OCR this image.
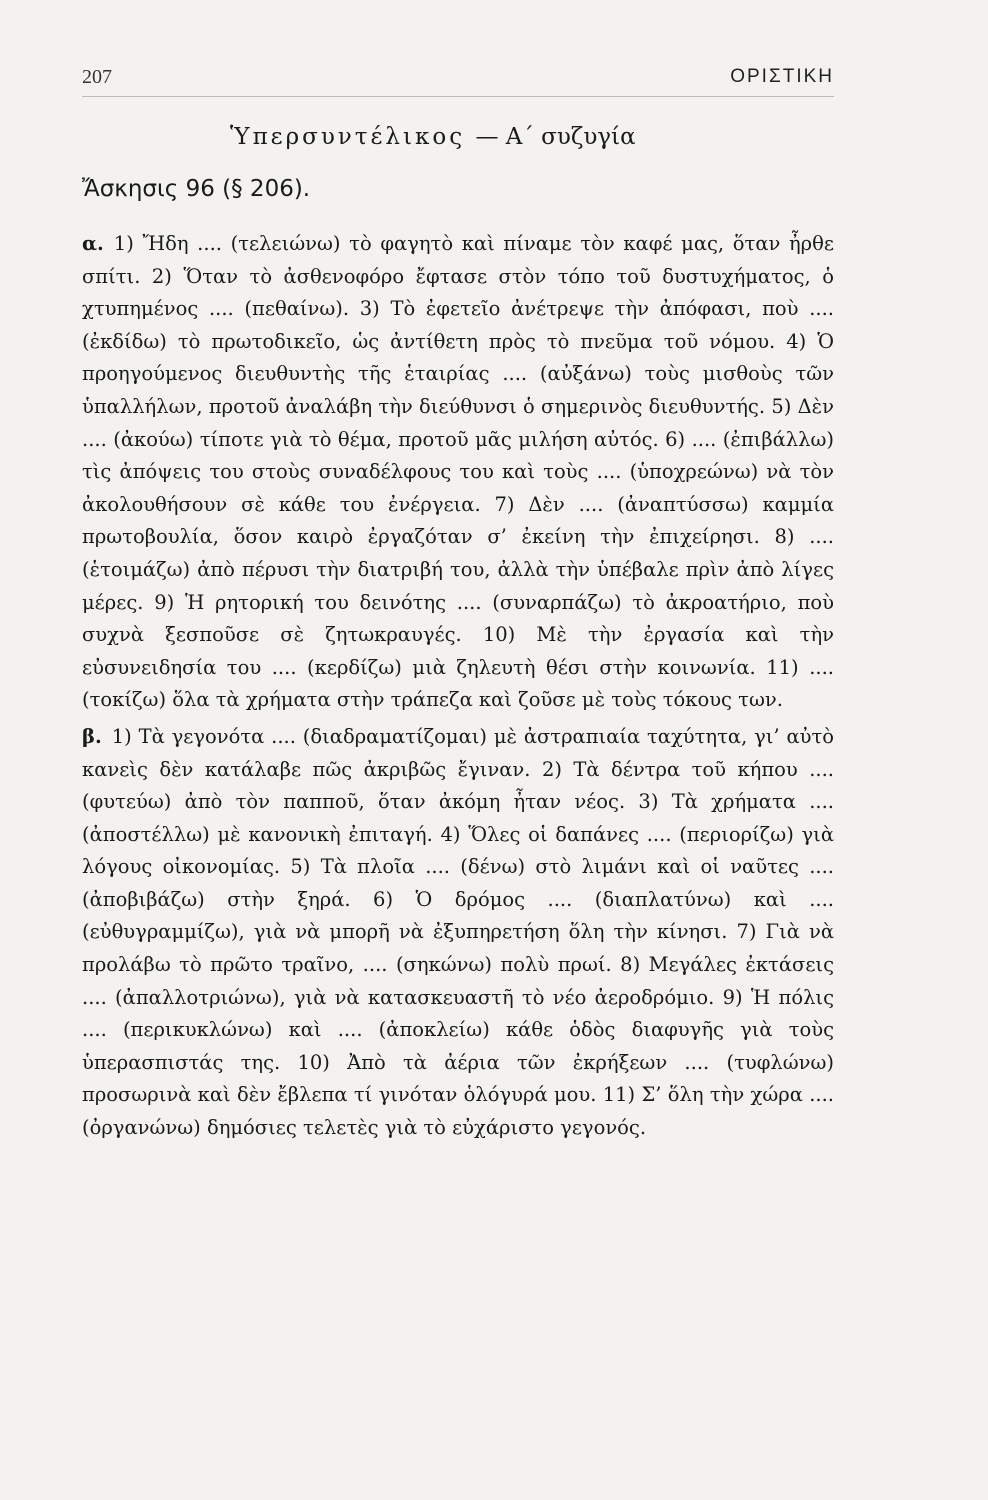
207	ΟΡΙΣΤΙΚΗ
Ὑπερσυντέλικος — Α΄ συζυγία
Ἄσκησις 96 (§ 206).

α. 1) Ἤδη .... (τελειώνω) τὸ φαγητὸ καὶ πίναμε τὸν καφέ μας, ὅταν ἦρθε σπίτι. 2) Ὅταν τὸ ἀσθενοφόρο ἔφτασε στὸν τόπο τοῦ δυστυχήματος, ὁ χτυπημένος .... (πεθαίνω). 3) Τὸ ἐφετεῖο ἀνέτρεψε τὴν ἀπόφασι, ποὺ .... (ἐκδίδω) τὸ πρωτοδικεῖο, ὡς ἀντίθετη πρὸς τὸ πνεῦμα τοῦ νόμου. 4) Ὁ προηγούμενος διευθυντὴς τῆς ἑταιρίας .... (αὐξάνω) τοὺς μισθοὺς τῶν ὑπαλλήλων, προτοῦ ἀναλάβη τὴν διεύθυνσι ὁ σημερινὸς διευθυντής. 5) Δὲν .... (ἀκούω) τίποτε γιὰ τὸ θέμα, προτοῦ μᾶς μιλήση αὐτός. 6) .... (ἐπιβάλλω) τὶς ἀπόψεις του στοὺς συναδέλφους του καὶ τοὺς .... (ὑποχρεώνω) νὰ τὸν ἀκολουθήσουν σὲ κάθε του ἐνέργεια. 7) Δὲν .... (ἀναπτύσσω) καμμία πρωτοβουλία, ὅσον καιρὸ ἐργαζόταν σ’ ἐκείνη τὴν ἐπιχείρησι. 8) .... (ἑτοιμάζω) ἀπὸ πέρυσι τὴν διατριβή του, ἀλλὰ τὴν ὑπέβαλε πρὶν ἀπὸ λίγες μέρες. 9) Ἡ ρητορική του δεινότης .... (συναρπάζω) τὸ ἀκροατήριο, ποὺ συχνὰ ξεσποῦσε σὲ ζητωκραυγές. 10) Μὲ τὴν ἐργασία καὶ τὴν εὐσυνειδησία του .... (κερδίζω) μιὰ ζηλευτὴ θέσι στὴν κοινωνία. 11) .... (τοκίζω) ὅλα τὰ χρήματα στὴν τράπεζα καὶ ζοῦσε μὲ τοὺς τόκους των.

β. 1) Τὰ γεγονότα .... (διαδραματίζομαι) μὲ ἀστραπιαία ταχύτητα, γι’ αὐτὸ κανεὶς δὲν κατάλαβε πῶς ἀκριβῶς ἔγιναν. 2) Τὰ δέντρα τοῦ κήπου .... (φυτεύω) ἀπὸ τὸν παπποῦ, ὅταν ἀκόμη ἦταν νέος. 3) Τὰ χρήματα .... (ἀποστέλλω) μὲ κανονικὴ ἐπιταγή. 4) Ὅλες οἱ δαπάνες .... (περιορίζω) γιὰ λόγους οἰκονομίας. 5) Τὰ πλοῖα .... (δένω) στὸ λιμάνι καὶ οἱ ναῦτες .... (ἀποβιβάζω) στὴν ξηρά. 6) Ὁ δρόμος .... (διαπλατύνω) καὶ .... (εὐθυγραμμίζω), γιὰ νὰ μπορῆ νὰ ἐξυπηρετήση ὅλη τὴν κίνησι. 7) Γιὰ νὰ προλάβω τὸ πρῶτο τραῖνο, .... (σηκώνω) πολὺ πρωί. 8) Μεγάλες ἐκτάσεις .... (ἀπαλλοτριώνω), γιὰ νὰ κατασκευαστῆ τὸ νέο ἀεροδρόμιο. 9) Ἡ πόλις .... (περικυκλώνω) καὶ .... (ἀποκλείω) κάθε ὁδὸς διαφυγῆς γιὰ τοὺς ὑπερασπιστάς της. 10) Ἀπὸ τὰ ἀέρια τῶν ἐκρήξεων .... (τυφλώνω) προσωρινὰ καὶ δὲν ἔβλεπα τί γινόταν ὁλόγυρά μου. 11) Σ’ ὅλη τὴν χώρα .... (ὀργανώνω) δημόσιες τελετὲς γιὰ τὸ εὐχάριστο γεγονός.
